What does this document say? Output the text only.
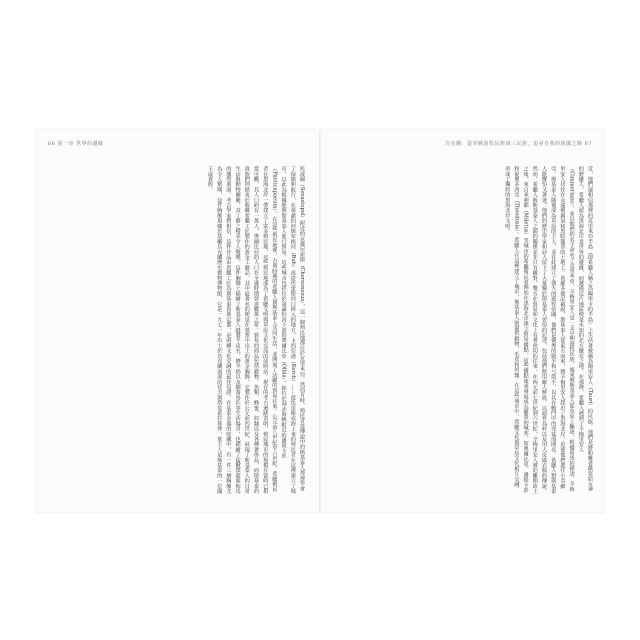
66 第一章 世界的邊緣
托波爾（Sevastopol）附近的克森尼索斯（Chersonesus），這一個殖民地都位於克里米亞。然而有時，殖民者從傳說中的斯基泰人那裡學會了保衛和航行，在第聶伯河與布格河（Buh）或從色雷斯河口移入的地方，卡西亞港（Kerch）……從色雷斯或海上來的殖民者在這裡建立了城市，以此為根據地與斯基泰人進行貿易。這些城市包括位於第聶伯河下游的奧爾比亞（Olbia），和位於刻赤海峽附近的潘提卡彭（Panticapaeum）。在這些殖民地裡，古典時期的希臘人與斯基泰人共同生活，並開展了活躍的貿易往來。公元前八世紀至六世紀，希臘殖民者在黑海北岸一帶建立了眾多殖民地，這些殖民地成為了希臘文明與草原文化交流的前哨站。現存的考古遺跡表明，殖民城市的規模在當時已相當可觀，其人口約有一萬人，奧爾比亞的人口在全盛時期曾達數萬之眾。貿易的商品包括穀物、魚類、蜂蜜、奴隸以及各種奢侈品，而斯基泰的貴族們則熱衷於收藏希臘工匠製作的黃金工藝品。其中最著名的便是在墓葬中出土的黃金胸飾，它製作於公元前四世紀，展現了斯基泰人的日常生活與動物圖騰，其工藝之精美令人驚嘆。這件胸飾上描繪了斯基泰人縫製羊皮衣、擠羊奶以及馴養馬匹等生活場景，也描繪了猛獸撲殺鹿和馬的激烈畫面。考古學家們相信，這件作品由希臘工匠為斯基泰貴族定製，是兩種文化交融的最佳見證。在基泰金器的收藏中，有一件三層胸飾尤為令人驚嘆，這件胸飾現藏於基輔烏克蘭歷史寶物博物館，它是一九七一年出土於烏克蘭南部的托夫斯塔莫希拉墓葬，墓主人是斯基泰的一位國王或貴族。
烏克蘭：從突厥遊牧民族到三民族，追尋自我的與國之路 67
近，他們還相信那裡的克里米亞半島（即希臘人稱之為陶里卡的半島）上生活著被稱為陶里安人（Tauri）的民族。他們是將船難者獻祭給女神的野蠻人。希臘人認為黑海北岸是世界的邊緣，而越過這片地區便是未知的北方蠻荒之地。在那裡，希臘人遇到了辛梅里安人（Cimmerians），並以他們的名字命名了克里米亞。辛梅里安人是一支早期遊牧民族，後來被斯基泰人從草原上驅逐。根據荷馬的描述，辛梅里安人居住在永遠被霧氣和黑暗籠罩的土地上。希羅多德記載說，斯基泰人從東方而來，將辛梅里安人趕出了黑海北岸，迫使他們逃往小亞細亞。斯基泰人隨後成為草原的主人，並在此建立了強大的遊牧帝國。他們是優秀的騎手和弓箭手，以其在戰鬥中的兇猛而聞名。希臘人對斯基泰人既懼怕又著迷，他們的歷史學家和詩人留下了大量關於斯基泰人習俗的記述，包括他們飲用敵人鮮血、以頭骨為杯以及用人皮做衣服的傳說。然而，希臘人與斯基泰人之間的關係並非只有敵對，雙方在貿易和文化上有著密切的往來。在西元前七世紀到六世紀，辛梅里安人被迫離開故土之後，來自米利都（Miletus）等城市的希臘殖民者開始在黑海北岸建立貿易據點。這些據點後來發展成為繁榮的城邦，如奧爾比亞、潘提卡彭和提奧多西亞（Theodosia）。希臘人在這裡建立了城市，斯基泰人則提供穀物、毛皮和奴隸。在這些城市中，希臘文化與草原文化相互交融，形成了獨特的黑海北岸文明。
